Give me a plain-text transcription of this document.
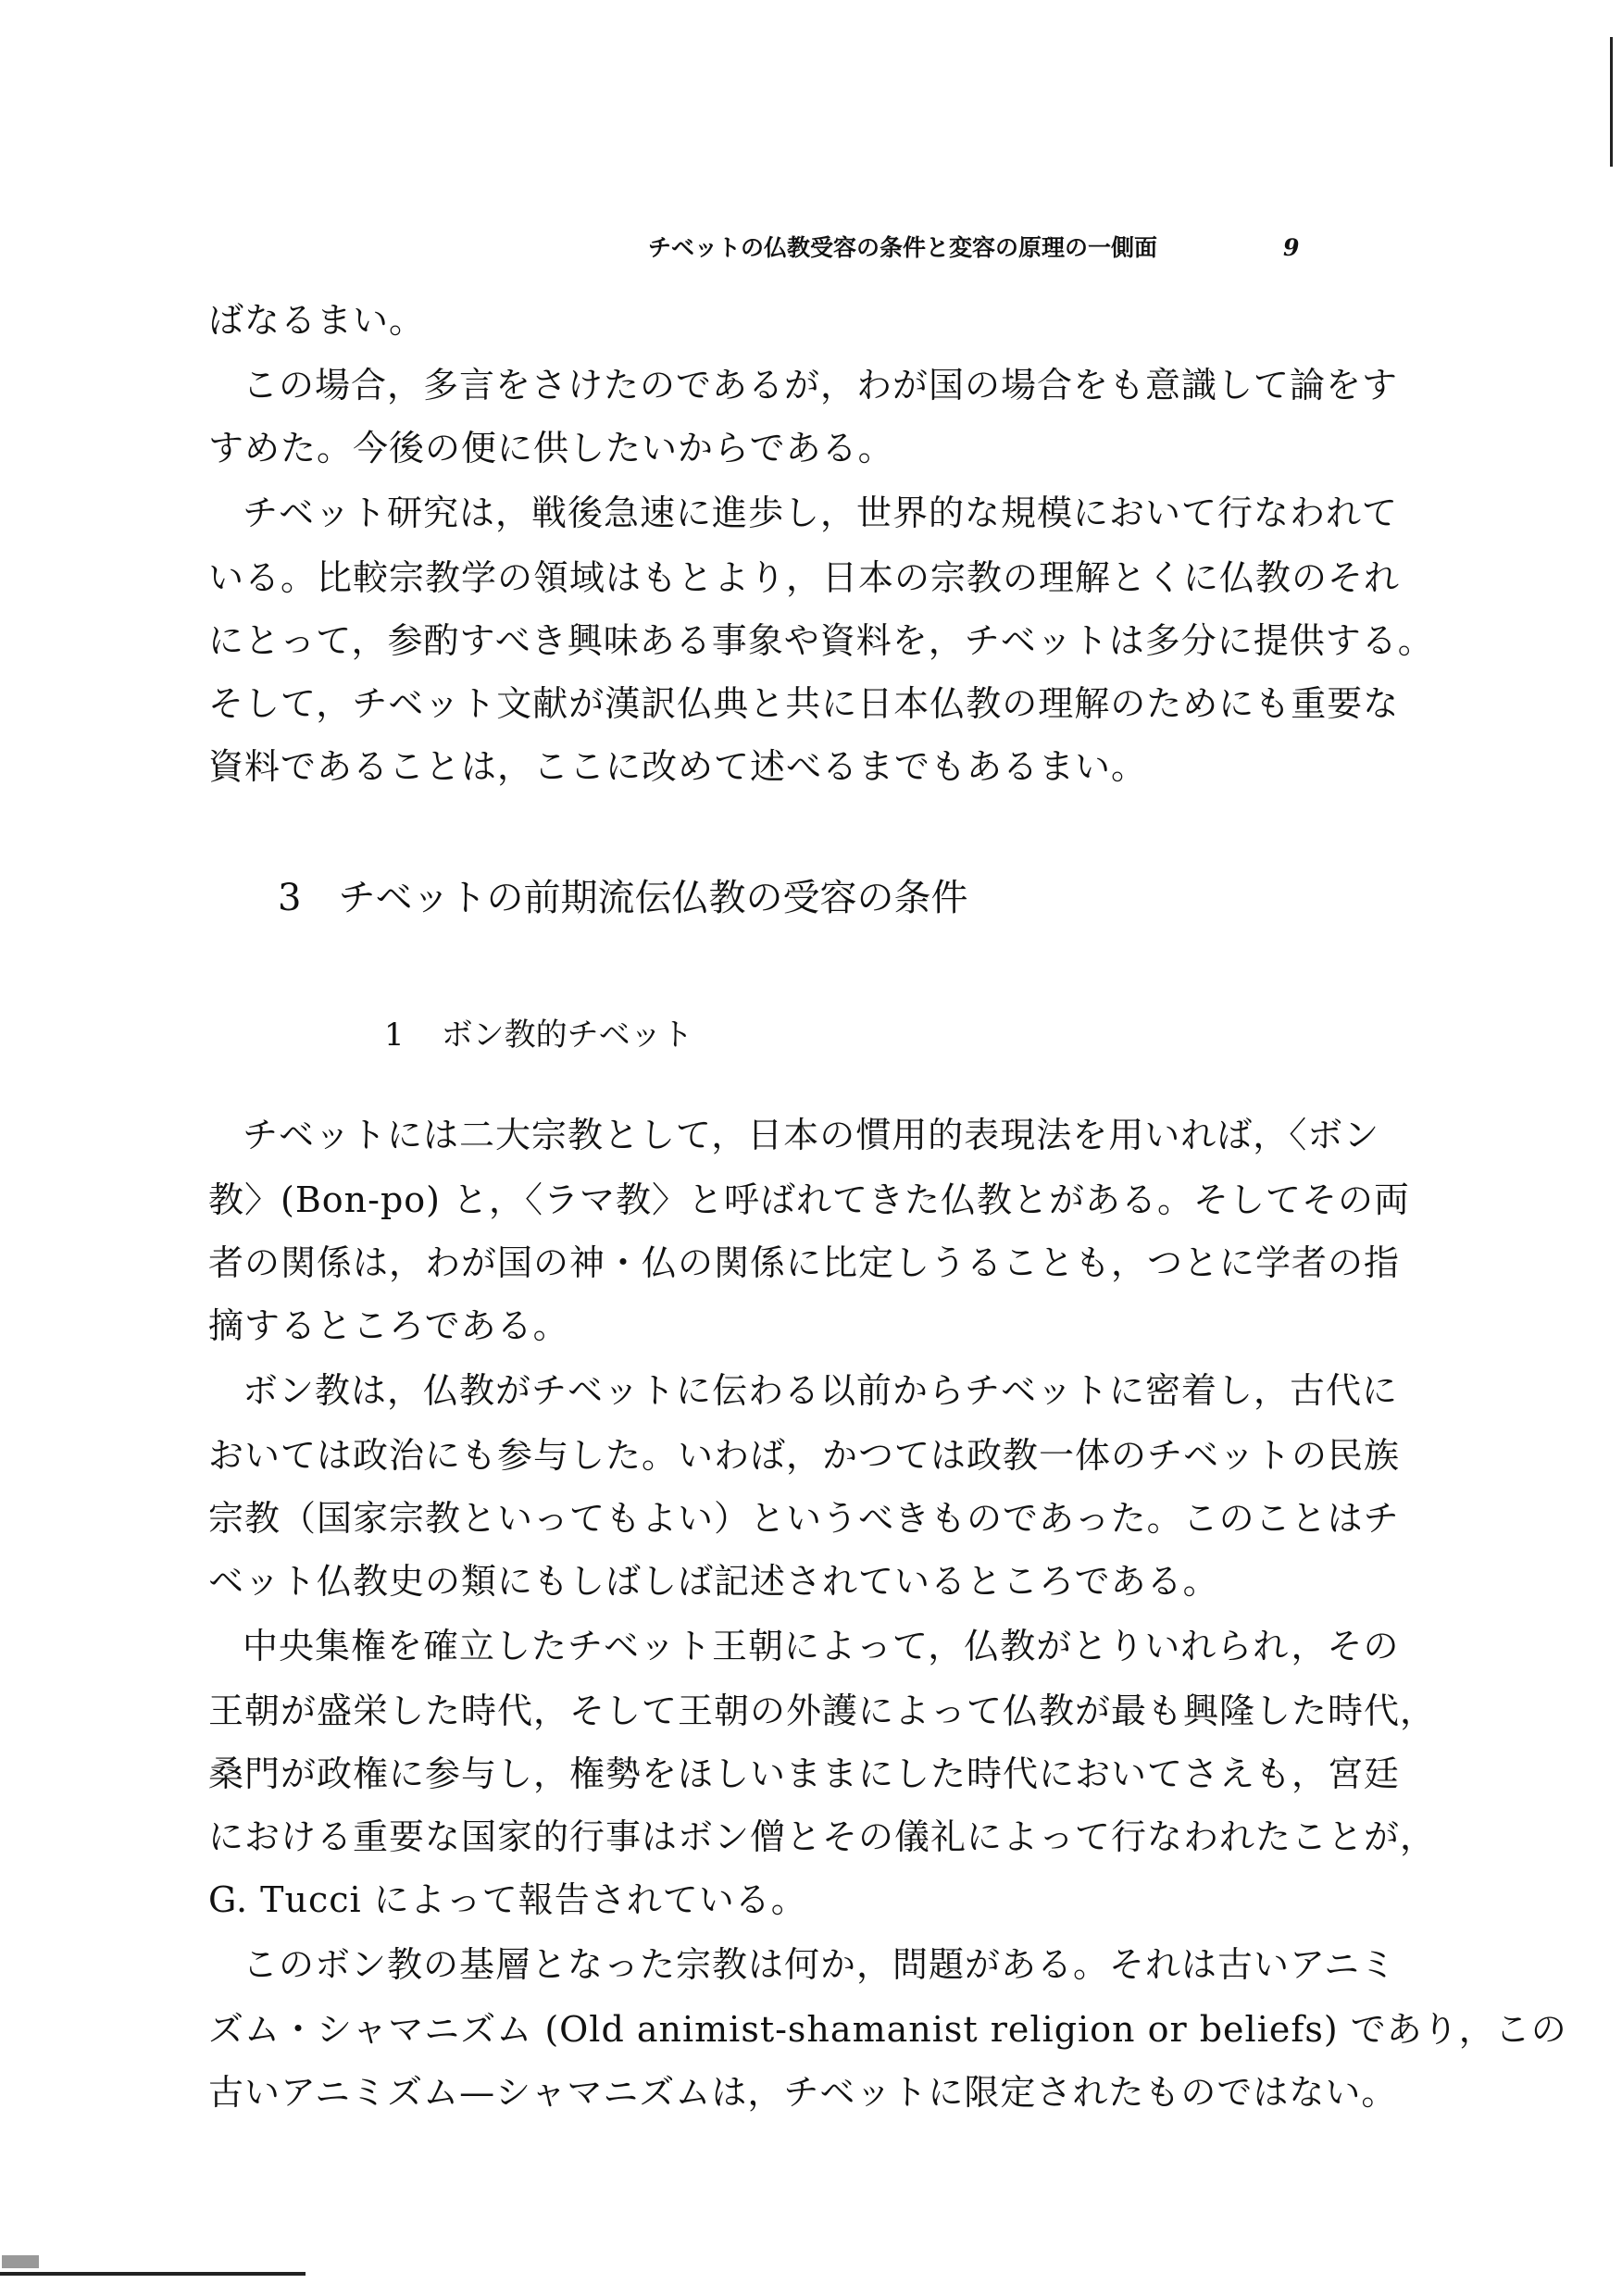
チベットの仏教受容の条件と変容の原理の一側面	9
ばなるまい。
この場合，多言をさけたのであるが，わが国の場合をも意識して論をす
すめた。今後の便に供したいからである。
チベット研究は，戦後急速に進歩し，世界的な規模において行なわれて
いる。比較宗教学の領域はもとより，日本の宗教の理解とくに仏教のそれ
にとって，参酌すべき興味ある事象や資料を，チベットは多分に提供する。
そして，チベット文献が漢訳仏典と共に日本仏教の理解のためにも重要な
資料であることは，ここに改めて述べるまでもあるまい。
3 チベットの前期流伝仏教の受容の条件
1 ボン教的チベット
チベットには二大宗教として，日本の慣用的表現法を用いれば，〈ボン
教〉(Bon-po) と，〈ラマ教〉と呼ばれてきた仏教とがある。そしてその両
者の関係は，わが国の神・仏の関係に比定しうることも，つとに学者の指
摘するところである。
ボン教は，仏教がチベットに伝わる以前からチベットに密着し，古代に
おいては政治にも参与した。いわば，かつては政教一体のチベットの民族
宗教（国家宗教といってもよい）というべきものであった。このことはチ
ベット仏教史の類にもしばしば記述されているところである。
中央集権を確立したチベット王朝によって，仏教がとりいれられ，その
王朝が盛栄した時代，そして王朝の外護によって仏教が最も興隆した時代，
桑門が政権に参与し，権勢をほしいままにした時代においてさえも，宮廷
における重要な国家的行事はボン僧とその儀礼によって行なわれたことが，
G. Tucci によって報告されている。
このボン教の基層となった宗教は何か，問題がある。それは古いアニミ
ズム・シャマニズム (Old animist-shamanist religion or beliefs) であり，この
古いアニミズム—シャマニズムは，チベットに限定されたものではない。
